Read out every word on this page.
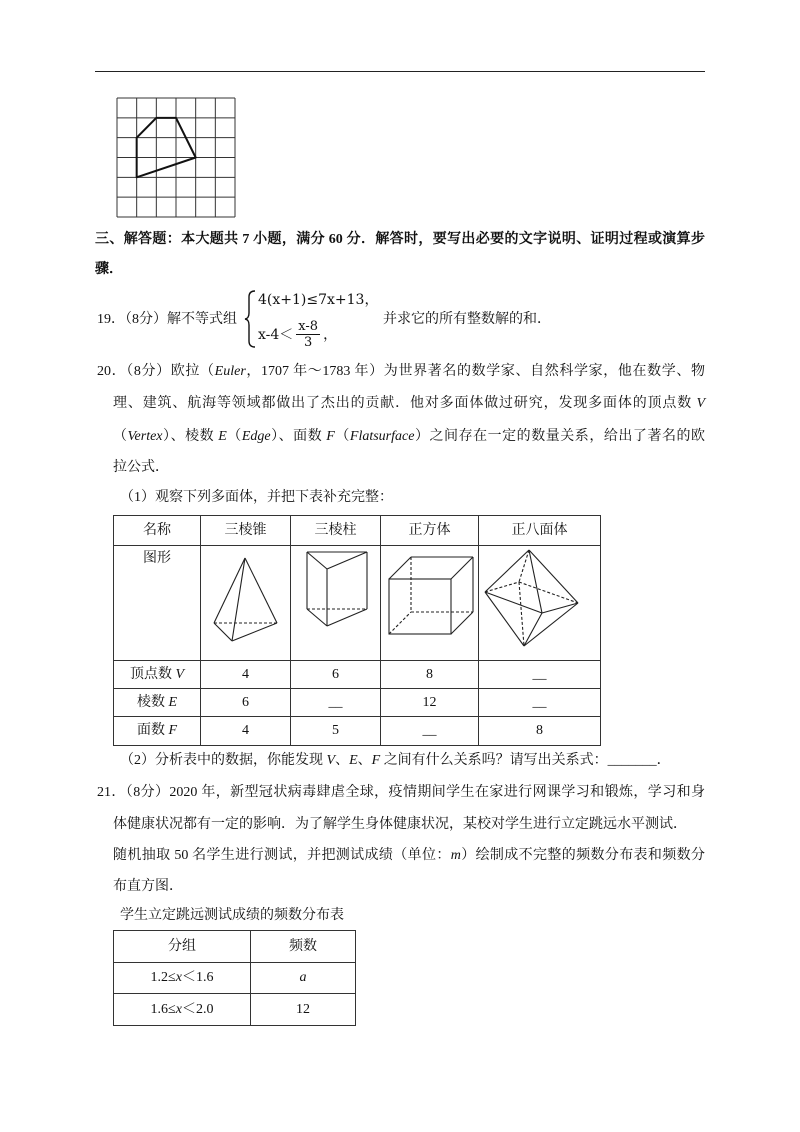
三、解答题：本大题共 7 小题，满分 60 分．解答时，要写出必要的文字说明、证明过程或演算步
骤．
19．（8分）解不等式组
4(x+1)≤7x+13，
$x-4< \frac{x-8}{3}$ ，
并求它的所有整数解的和．
20．（8分）欧拉（Euler，1707 年～1783 年）为世界著名的数学家、自然科学家，他在数学、物
理、建筑、航海等领域都做出了杰出的贡献．他对多面体做过研究，发现多面体的顶点数 V
（Vertex）、棱数 E（Edge）、面数 F（Flatsurface）之间存在一定的数量关系，给出了著名的欧
拉公式．
（1）观察下列多面体，并把下表补充完整：
名称	三棱锥	三棱柱	正方体	正八面体
图形	

顶点数 V	4	6	8	__
棱数 E	6	__	12	__
面数 F	4	5	__	8
（2）分析表中的数据，你能发现 V、E、F 之间有什么关系吗？请写出关系式：_______．
21．（8分）2020 年，新型冠状病毒肆虐全球，疫情期间学生在家进行网课学习和锻炼，学习和身
体健康状况都有一定的影响．为了解学生身体健康状况，某校对学生进行立定跳远水平测试．
随机抽取 50 名学生进行测试，并把测试成绩（单位：m）绘制成不完整的频数分布表和频数分
布直方图．
学生立定跳远测试成绩的频数分布表
分组	频数
1.2≤x＜1.6	a
1.6≤x＜2.0	12
